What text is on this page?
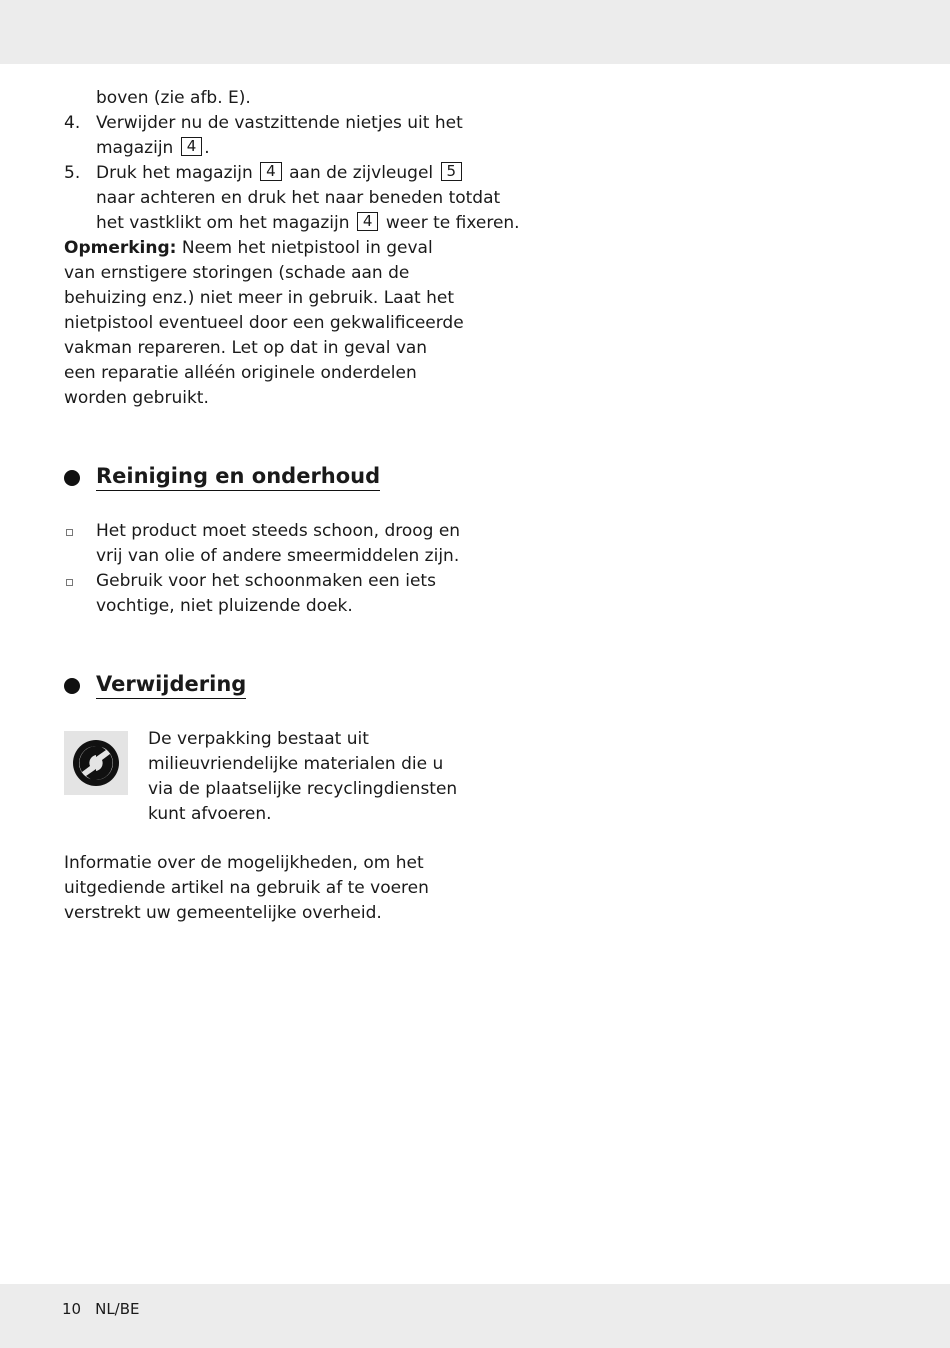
boven (zie afb. E).
4. Verwijder nu de vastzittende nietjes uit het
magazijn 4 .
5. Druk het magazijn 4 aan de zijvleugel 5
naar achteren en druk het naar beneden totdat
het vastklikt om het magazijn 4 weer te fixeren.
Opmerking: Neem het nietpistool in geval van ernstigere storingen (schade aan de behuizing enz.) niet meer in gebruik. Laat het nietpistool eventueel door een gekwalificeerde vakman repareren. Let op dat in geval van een reparatie alléén originele onderdelen worden gebruikt.
Reiniging en onderhoud
Het product moet steeds schoon, droog en vrij van olie of andere smeermiddelen zijn.
Gebruik voor het schoonmaken een iets vochtige, niet pluizende doek.
Verwijdering
De verpakking bestaat uit milieuvriendelijke materialen die u via de plaatselijke recyclingdiensten kunt afvoeren.
Informatie over de mogelijkheden, om het uitgediende artikel na gebruik af te voeren verstrekt uw gemeentelijke overheid.
10 NL/BE
